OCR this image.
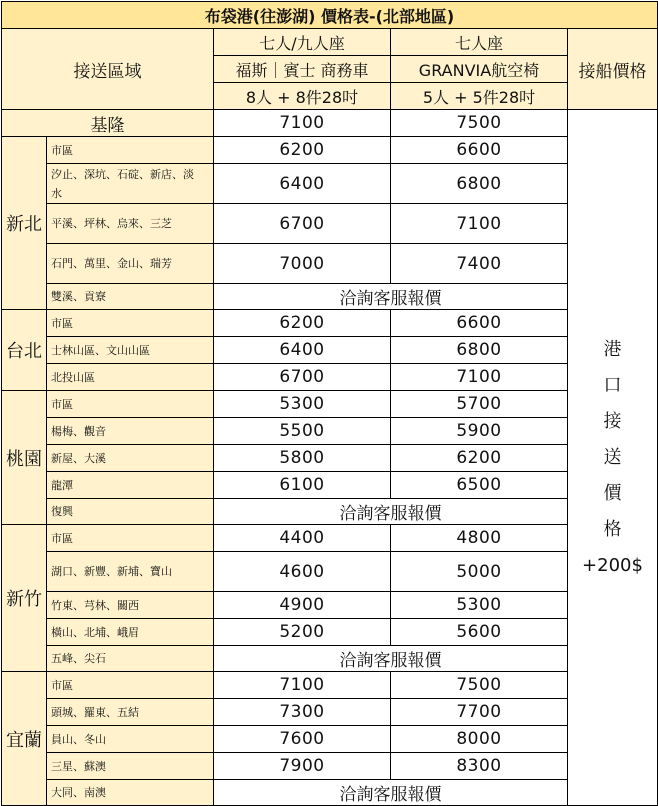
布袋港(往澎湖) 價格表-(北部地區)				
接送區域		七人/九人座	七人座	接船價格
		福斯｜賓士 商務車	GRANVIA航空椅	
		8人 + 8件28吋	5人 + 5件28吋	
基隆	7100	7500	
港
口
接
送
價
格
+200$

新北	市區	6200	6600	
	汐止、深坑、石碇、新店、淡水	6400	6800	
	平溪、坪林、烏來、三芝	6700	7100	
	石門、萬里、金山、瑞芳	7000	7400	
	雙溪、貢寮	洽詢客服報價		
台北	市區	6200	6600	
	士林山區、文山山區	6400	6800	
	北投山區	6700	7100	
桃園	市區	5300	5700	
	楊梅、觀音	5500	5900	
	新屋、大溪	5800	6200	
	龍潭	6100	6500	
	復興	洽詢客服報價		
新竹	市區	4400	4800	
	湖口、新豐、新埔、寶山	4600	5000	
	竹東、芎林、關西	4900	5300	
	橫山、北埔、峨眉	5200	5600	
	五峰、尖石	洽詢客服報價		
宜蘭	市區	7100	7500	
	頭城、羅東、五結	7300	7700	
	員山、冬山	7600	8000	
	三星、蘇澳	7900	8300	
	大同、南澳	洽詢客服報價		
